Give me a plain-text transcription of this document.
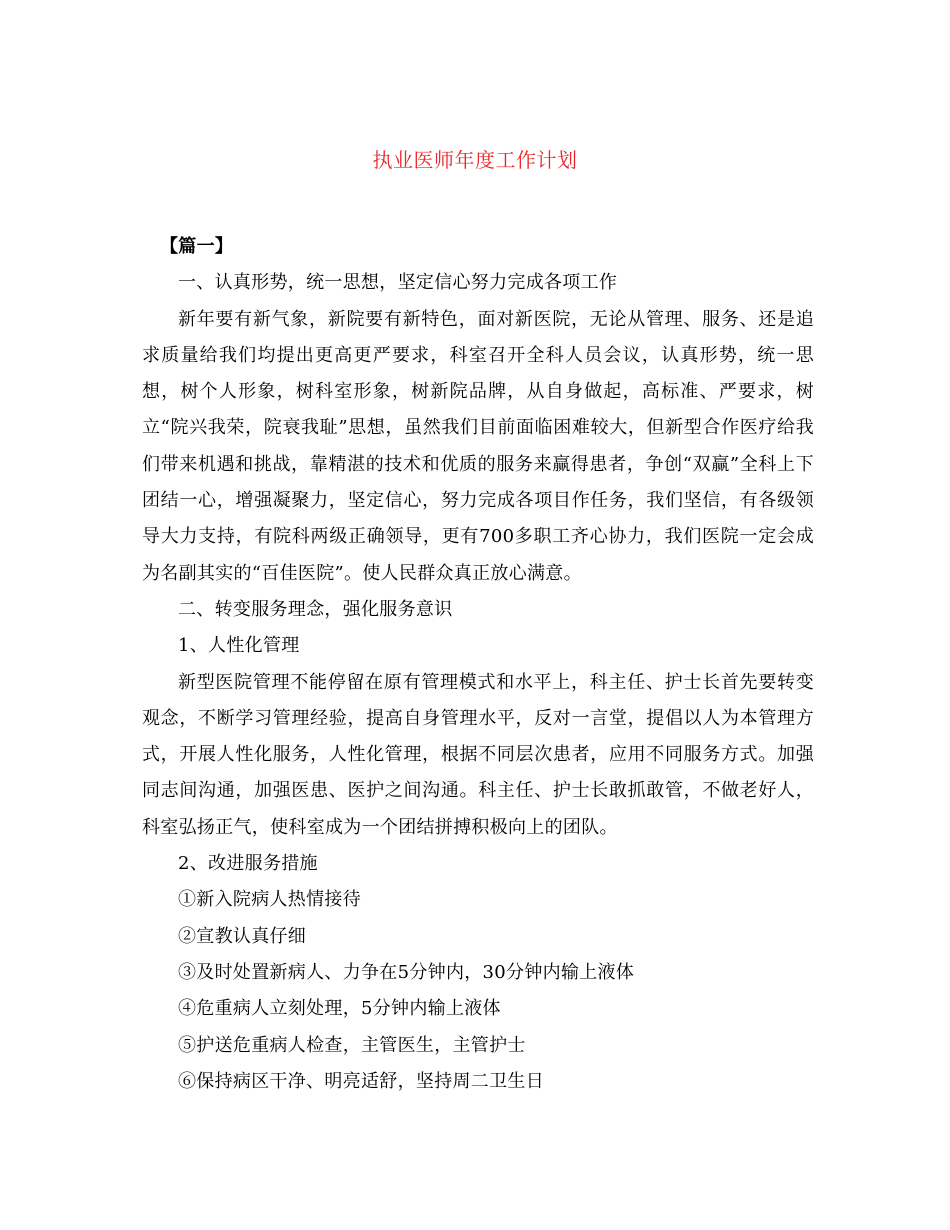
执业医师年度工作计划

【篇一】

一、认真形势，统一思想，坚定信心努力完成各项工作

新年要有新气象，新院要有新特色，面对新医院，无论从管理、服务、还是追求质量给我们均提出更高更严要求，科室召开全科人员会议，认真形势，统一思想，树个人形象，树科室形象，树新院品牌，从自身做起，高标准、严要求，树立“院兴我荣，院衰我耻”思想，虽然我们目前面临困难较大，但新型合作医疗给我们带来机遇和挑战，靠精湛的技术和优质的服务来赢得患者，争创“双赢”全科上下团结一心，增强凝聚力，坚定信心，努力完成各项目作任务，我们坚信，有各级领导大力支持，有院科两级正确领导，更有700多职工齐心协力，我们医院一定会成为名副其实的“百佳医院”。使人民群众真正放心满意。

二、转变服务理念，强化服务意识

1、人性化管理

新型医院管理不能停留在原有管理模式和水平上，科主任、护士长首先要转变观念，不断学习管理经验，提高自身管理水平，反对一言堂，提倡以人为本管理方式，开展人性化服务，人性化管理，根据不同层次患者，应用不同服务方式。加强同志间沟通，加强医患、医护之间沟通。科主任、护士长敢抓敢管，不做老好人，科室弘扬正气，使科室成为一个团结拼搏积极向上的团队。

2、改进服务措施

①新入院病人热情接待

②宣教认真仔细

③及时处置新病人、力争在5分钟内，30分钟内输上液体

④危重病人立刻处理，5分钟内输上液体

⑤护送危重病人检查，主管医生，主管护士

⑥保持病区干净、明亮适舒，坚持周二卫生日
